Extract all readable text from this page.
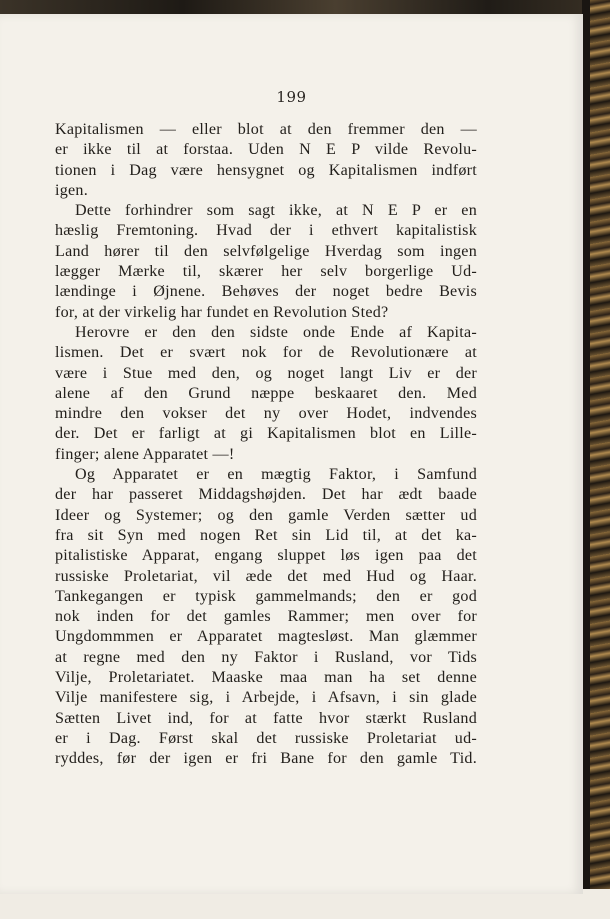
199
Kapitalismen — eller blot at den fremmer den —
er ikke til at forstaa. Uden N E P vilde Revolu-
tionen i Dag være hensygnet og Kapitalismen indført
igen.
Dette forhindrer som sagt ikke, at N E P er en
hæslig Fremtoning. Hvad der i ethvert kapitalistisk
Land hører til den selvfølgelige Hverdag som ingen
lægger Mærke til, skærer her selv borgerlige Ud-
lændinge i Øjnene. Behøves der noget bedre Bevis
for, at der virkelig har fundet en Revolution Sted?
Herovre er den den sidste onde Ende af Kapita-
lismen. Det er svært nok for de Revolutionære at
være i Stue med den, og noget langt Liv er der
alene af den Grund næppe beskaaret den. Med
mindre den vokser det ny over Hodet, indvendes
der. Det er farligt at gi Kapitalismen blot en Lille-
finger; alene Apparatet —!
Og Apparatet er en mægtig Faktor, i Samfund
der har passeret Middagshøjden. Det har ædt baade
Ideer og Systemer; og den gamle Verden sætter ud
fra sit Syn med nogen Ret sin Lid til, at det ka-
pitalistiske Apparat, engang sluppet løs igen paa det
russiske Proletariat, vil æde det med Hud og Haar.
Tankegangen er typisk gammelmands; den er god
nok inden for det gamles Rammer; men over for
Ungdommmen er Apparatet magtesløst. Man glæmmer
at regne med den ny Faktor i Rusland, vor Tids
Vilje, Proletariatet. Maaske maa man ha set denne
Vilje manifestere sig, i Arbejde, i Afsavn, i sin glade
Sætten Livet ind, for at fatte hvor stærkt Rusland
er i Dag. Først skal det russiske Proletariat ud-
ryddes, før der igen er fri Bane for den gamle Tid.
